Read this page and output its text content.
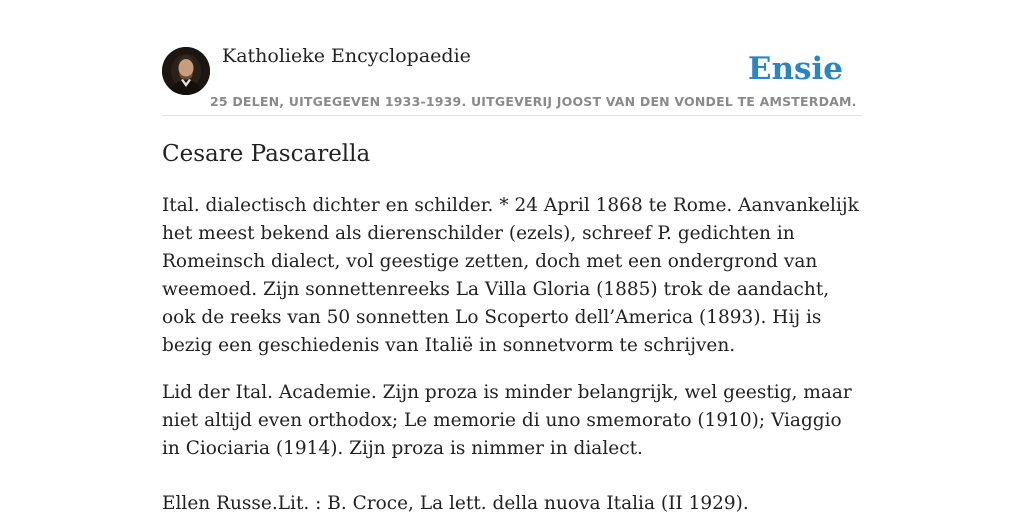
Katholieke Encyclopaedie	Ensie
25 DELEN, UITGEGEVEN 1933-1939. UITGEVERIJ JOOST VAN DEN VONDEL TE AMSTERDAM.
Cesare Pascarella

Ital. dialectisch dichter en schilder. * 24 April 1868 te Rome. Aanvankelijk het meest bekend als dierenschilder (ezels), schreef P. gedichten in Romeinsch dialect, vol geestige zetten, doch met een ondergrond van weemoed. Zijn sonnettenreeks La Villa Gloria (1885) trok de aandacht, ook de reeks van 50 sonnetten Lo Scoperto dell’America (1893). Hij is bezig een geschiedenis van Italië in sonnetvorm te schrijven.

Lid der Ital. Academie. Zijn proza is minder belangrijk, wel geestig, maar niet altijd even orthodox; Le memorie di uno smemorato (1910); Viaggio in Ciociaria (1914). Zijn proza is nimmer in dialect.

Ellen Russe.Lit. : B. Croce, La lett. della nuova Italia (II 1929).
